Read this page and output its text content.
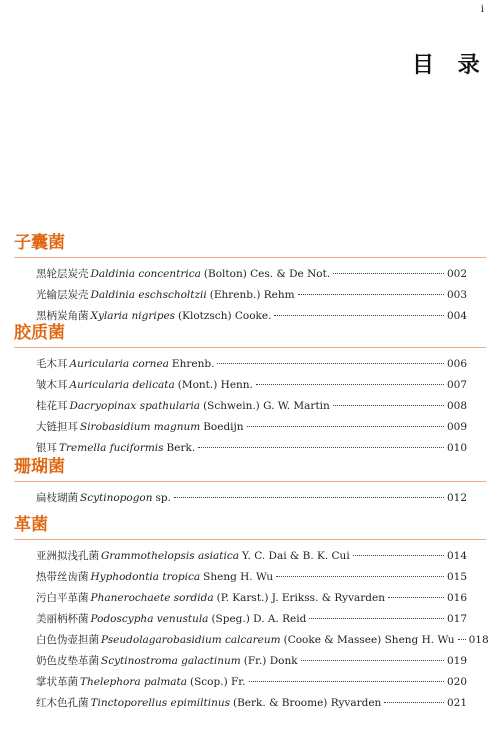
i
目 录
子囊菌
黑轮层炭壳 Daldinia concentrica (Bolton) Ces. & De Not.	002
光输层炭壳 Daldinia eschscholtzii (Ehrenb.) Rehm	003
黑柄炭角菌 Xylaria nigripes (Klotzsch) Cooke.	004
胶质菌
毛木耳 Auricularia cornea Ehrenb.	006
皱木耳 Auricularia delicata (Mont.) Henn.	007
桂花耳 Dacryopinax spathularia (Schwein.) G. W. Martin	008
大链担耳 Sirobasidium magnum Boedijn	009
银耳 Tremella fuciformis Berk.	010
珊瑚菌
扁枝瑚菌 Scytinopogon sp.	012
革菌
亚洲拟浅孔菌 Grammothelopsis asiatica Y. C. Dai & B. K. Cui	014
热带丝齿菌 Hyphodontia tropica Sheng H. Wu	015
污白平革菌 Phanerochaete sordida (P. Karst.) J. Erikss. & Ryvarden	016
美丽柄杯菌 Podoscypha venustula (Speg.) D. A. Reid	017
白色伪壶担菌 Pseudolagarobasidium calcareum (Cooke & Massee) Sheng H. Wu 018
奶色皮垫革菌 Scytinostroma galactinum (Fr.) Donk	019
掌状革菌 Thelephora palmata (Scop.) Fr.	020
红木色孔菌 Tinctoporellus epimiltinus (Berk. & Broome) Ryvarden	021
